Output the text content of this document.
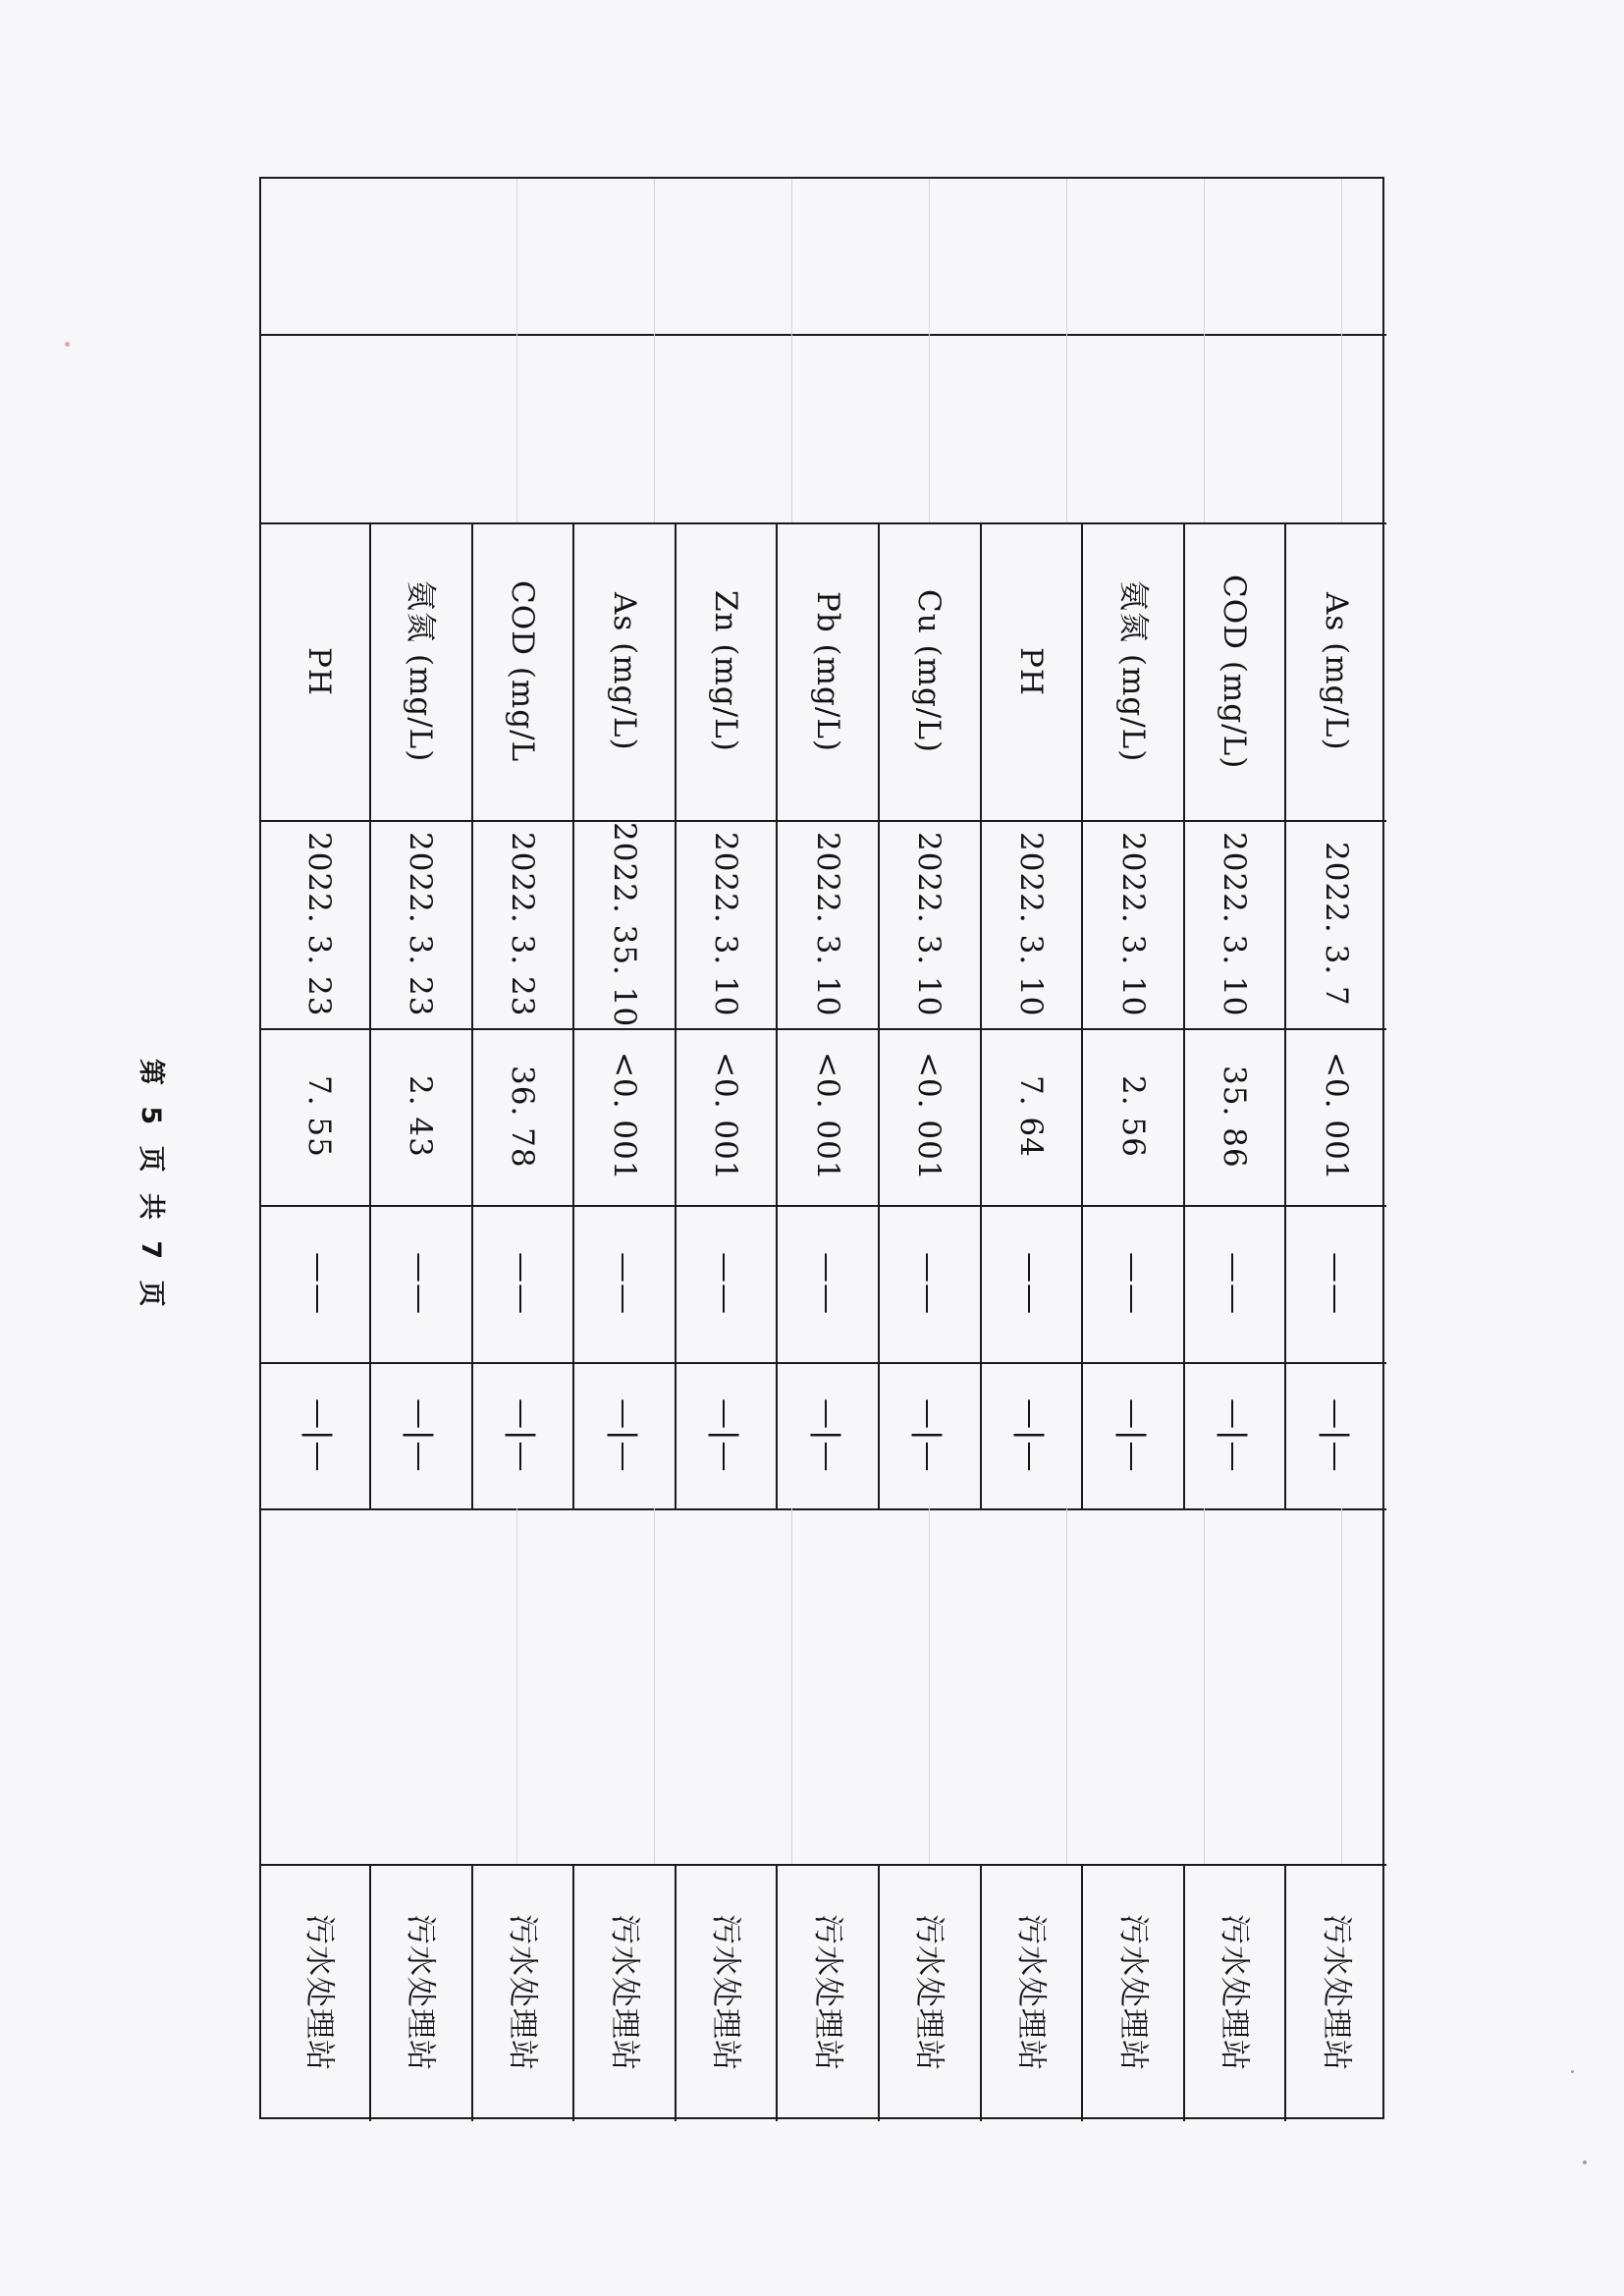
As (mg/L)
2022. 3. 7
<0. 001
——
—|—
污水处理站
COD (mg/L)
2022. 3. 10
35. 86
——
—|—
污水处理站
氨氮 (mg/L)
2022. 3. 10
2. 56
——
—|—
污水处理站
PH
2022. 3. 10
7. 64
——
—|—
污水处理站
Cu (mg/L)
2022. 3. 10
<0. 001
——
—|—
污水处理站
Pb (mg/L)
2022. 3. 10
<0. 001
——
—|—
污水处理站
Zn (mg/L)
2022. 3. 10
<0. 001
——
—|—
污水处理站
As (mg/L)
2022. 35. 10
<0. 001
——
—|—
污水处理站
COD (mg/L
2022. 3. 23
36. 78
——
—|—
污水处理站
氨氮 (mg/L)
2022. 3. 23
2. 43
——
—|—
污水处理站
PH
2022. 3. 23
7. 55
——
—|—
污水处理站
第 5 页 共 7 页
